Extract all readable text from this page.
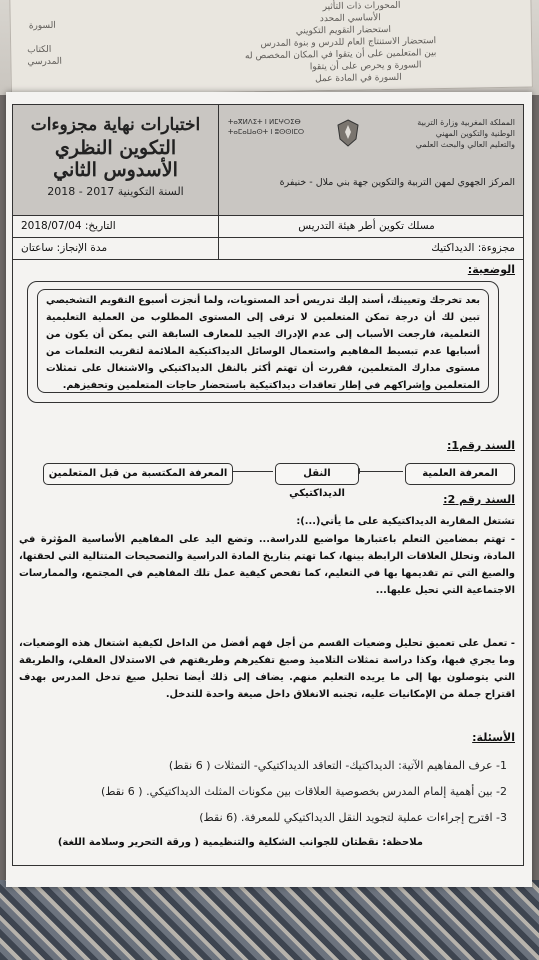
المحورات ذات التأثير
الأساسي المحدد
استحضار التقويم التكويني
استحضار الاستنتاج العام للدرس و بنوة المدرس
بين المتعلمين على أن يتقوا في المكان المخصص له
السورة و يحرص على أن يتقوا
السورة في المادة عمل
السورة
الكتاب
المدرسي
اختبارات نهاية مجزوءات
التكوين النظري
الأسدوس الثاني
السنة التكوينية 2017 - 2018
ⵜⴰⴳⵍⴷⵉⵜ ⵏ ⵍⵎⵖⵔⵉⴱ ⵜⴰⵎⴰⵡⴰⵙⵜ ⵏ ⵓⵙⵙⵏⵎⵔ
المملكة المغربية وزارة التربية الوطنية والتكوين المهني والتعليم العالي والبحث العلمي
المركز الجهوي لمهن التربية والتكوين جهة بني ملال - خنيفرة
التاريخ: 2018/07/04	مسلك تكوين أطر هيئة التدريس
مدة الإنجاز: ساعتان	مجزوءة: الديداكتيك
الوضعية:
بعد تخرجك وتعيينك، أسند إليك تدريس أحد المستويات، ولما أنجزت أسبوع التقويم التشخيصي تبين لك أن درجة تمكن المتعلمين لا ترقى إلى المستوى المطلوب من العملية التعليمية التعلمية، فارجعت الأسباب إلى عدم الإدراك الجيد للمعارف السابقة التي يمكن أن يكون من أسبابها عدم تبسيط المفاهيم واستعمال الوسائل الديداكتيكية الملائمة لتقريب التعلمات من مستوى مدارك المتعلمين، فقررت أن تهتم أكثر بالنقل الديداكتيكي والاشتغال على تمثلات المتعلمين وإشراكهم في إطار تعاقدات ديداكتيكية باستحضار حاجات المتعلمين وتحفيزهم.
السند رقم1:
المعرفة العلمية
النقل الديداكتيكي
المعرفة المكتسبة من قبل المتعلمين
السند رقم 2:
تشتغل المقاربة الديداكتيكية على ما يأتي(...):
- تهتم بمضامين التعلم باعتبارها مواضيع للدراسة... وتضع اليد على المفاهيم الأساسية المؤثرة في المادة، وتحلل العلاقات الرابطة بينها، كما تهتم بتاريخ المادة الدراسية والتصحيحات المتتالية التي لحقتها، والصيغ التي تم تقديمها بها في التعليم، كما تفحص كيفية عمل تلك المفاهيم في المجتمع، والممارسات الاجتماعية التي تحيل عليها...
- تعمل على تعميق تحليل وضعيات القسم من أجل فهم أفضل من الداخل لكيفية اشتغال هذه الوضعيات، وما يجري فيها، وكذا دراسة تمثلات التلاميذ وصيغ تفكيرهم وطريقتهم في الاستدلال العقلي، والطريقة التي يتوصلون بها إلى ما يريده التعليم منهم. يضاف إلى ذلك أيضا تحليل صيغ تدخل المدرس بهدف اقتراح جملة من الإمكانيات عليه، تجنبه الانغلاق داخل صيغة واحدة للتدخل.
الأسئلة:
1- عرف المفاهيم الآتية: الديداكتيك- التعاقد الديداكتيكي- التمثلات ( 6 نقط)
2- بين أهمية إلمام المدرس بخصوصية العلاقات بين مكونات المثلث الديداكتيكي. ( 6 نقط)
3- اقترح إجراءات عملية لتجويد النقل الديداكتيكي للمعرفة. (6 نقط)
ملاحظة: نقطتان للجوانب الشكلية والتنظيمية ( ورقة التحرير وسلامة اللغة)
